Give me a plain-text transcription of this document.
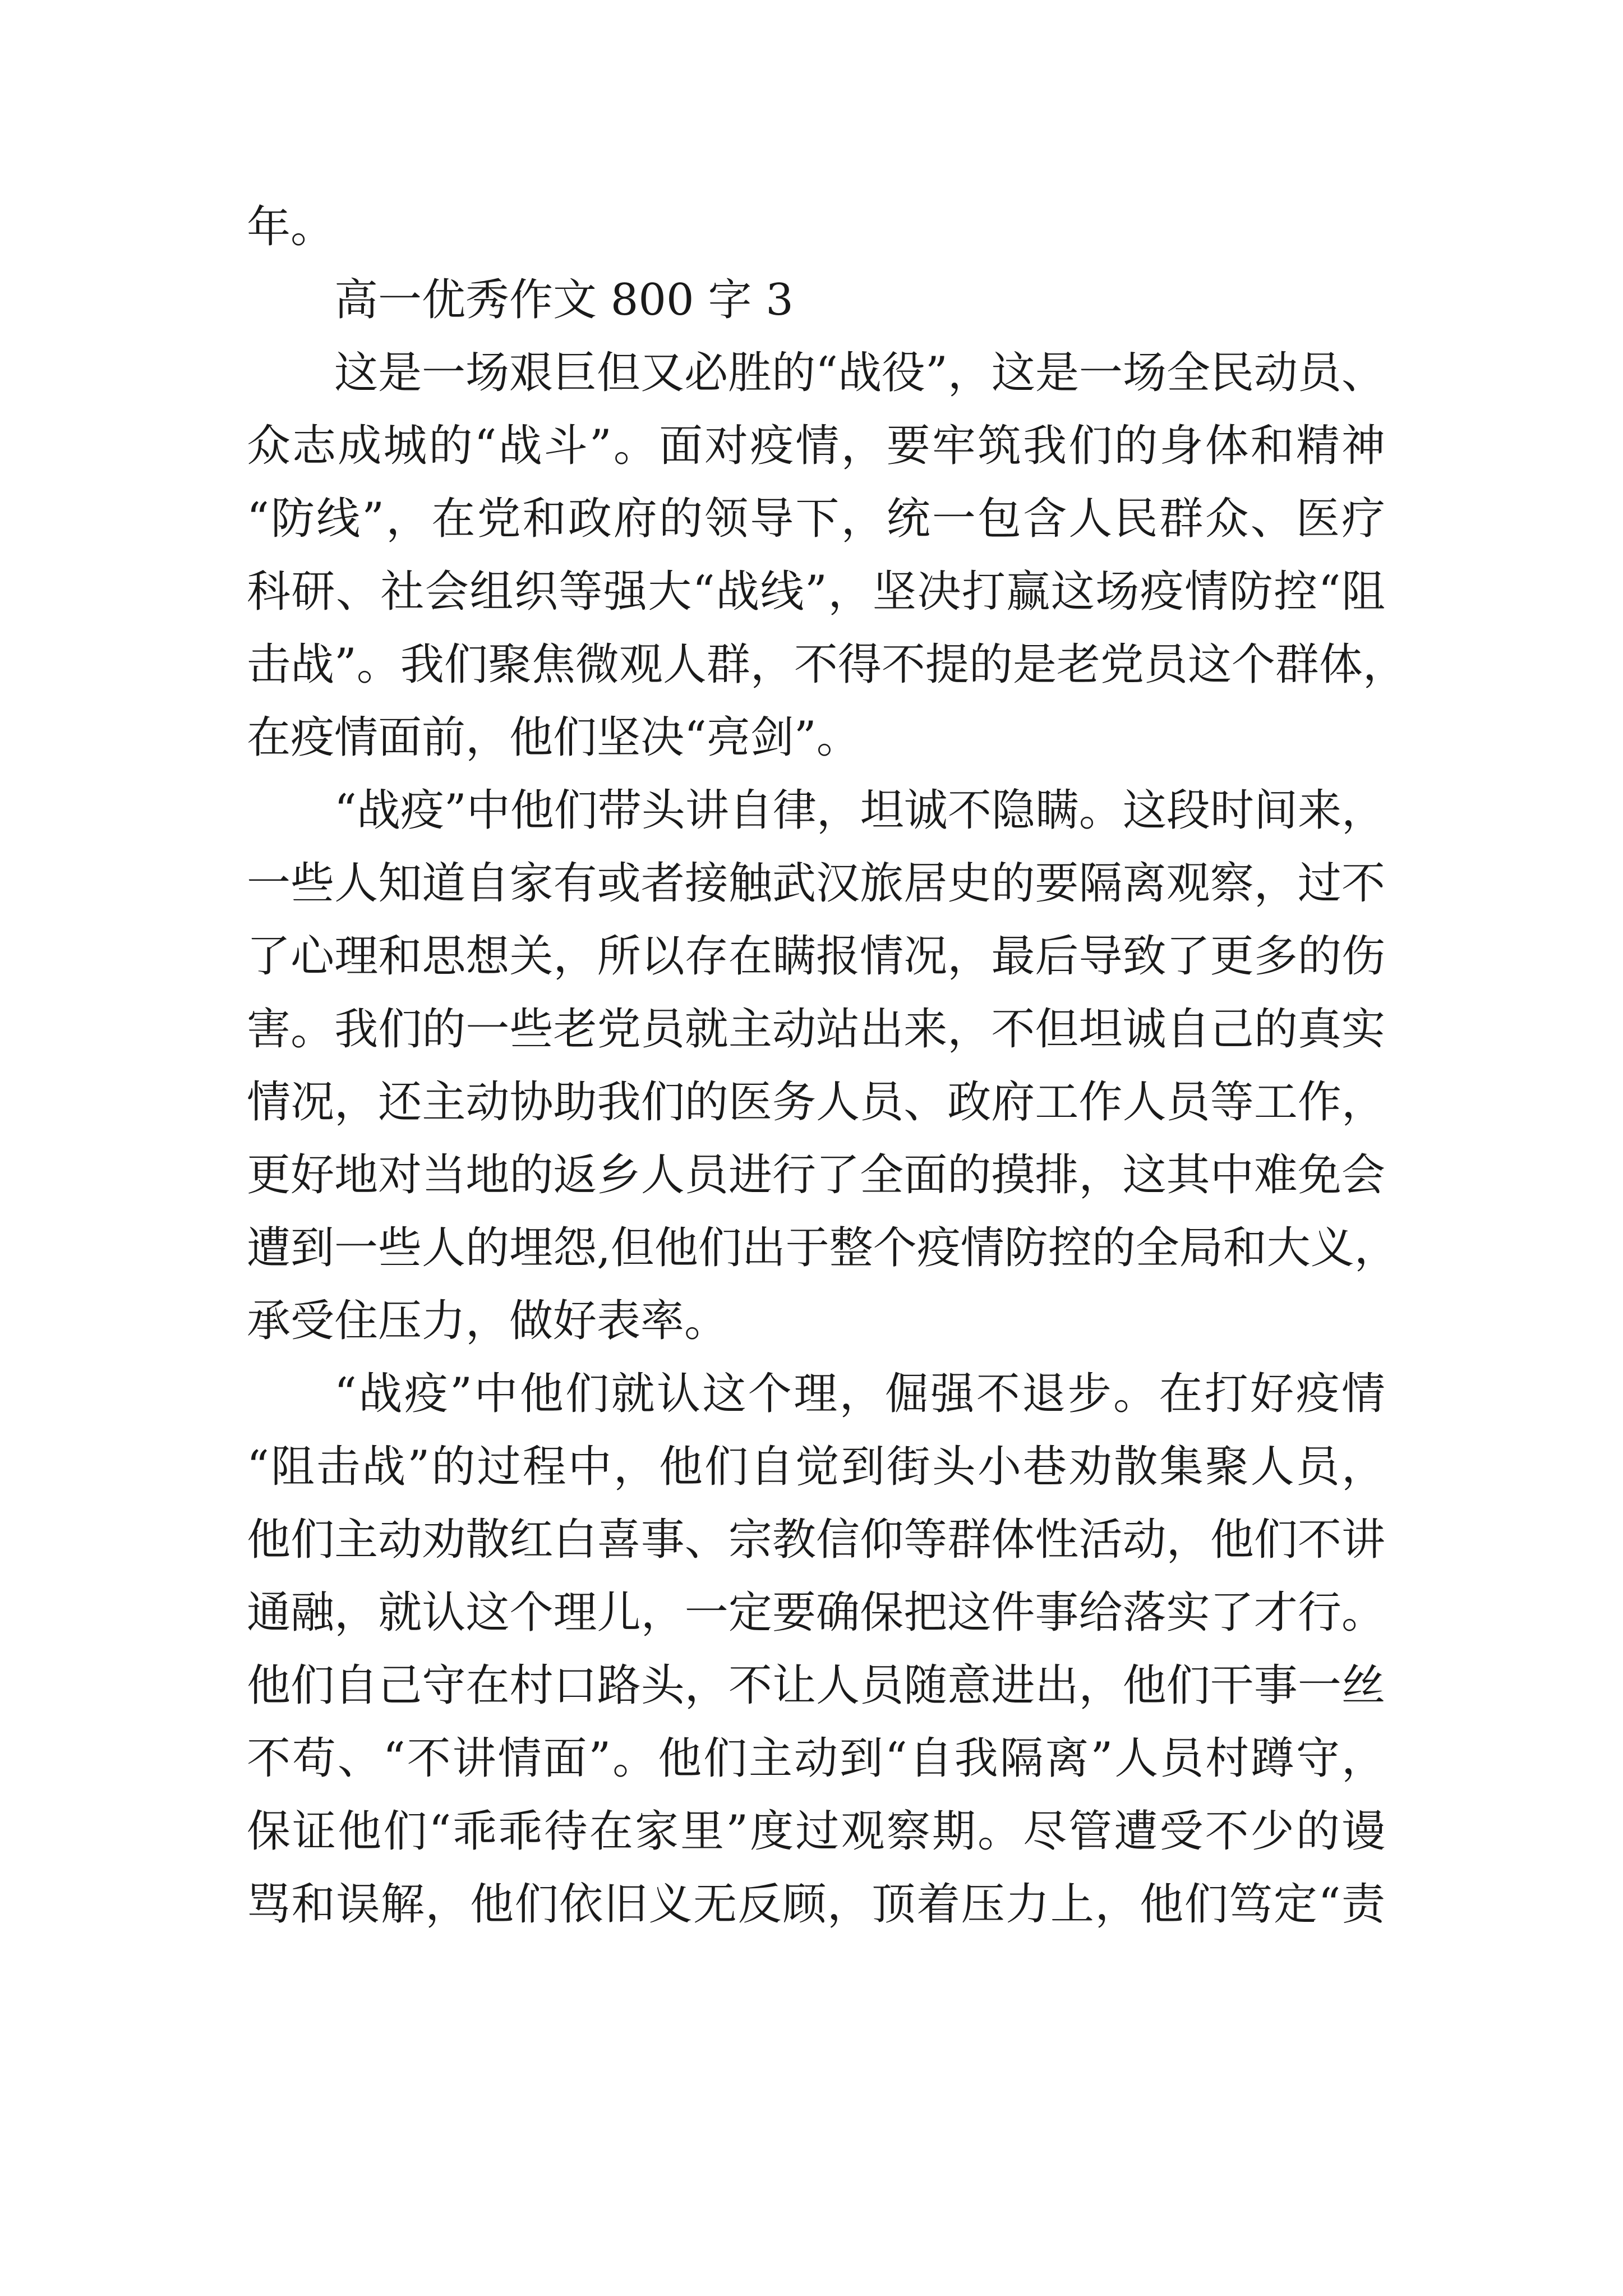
年。
高一优秀作文 800 字 3
这是一场艰巨但又必胜的“战役”，这是一场全民动员、
众志成城的“战斗”。面对疫情，要牢筑我们的身体和精神
“防线”，在党和政府的领导下，统一包含人民群众、医疗
科研、社会组织等强大“战线”，坚决打赢这场疫情防控“阻
击战”。我们聚焦微观人群，不得不提的是老党员这个群体，
在疫情面前，他们坚决“亮剑”。
“战疫”中他们带头讲自律，坦诚不隐瞒。这段时间来，
一些人知道自家有或者接触武汉旅居史的要隔离观察，过不
了心理和思想关，所以存在瞒报情况，最后导致了更多的伤
害。我们的一些老党员就主动站出来，不但坦诚自己的真实
情况，还主动协助我们的医务人员、政府工作人员等工作，
更好地对当地的返乡人员进行了全面的摸排，这其中难免会
遭到一些人的埋怨,但他们出于整个疫情防控的全局和大义，
承受住压力，做好表率。
“战疫”中他们就认这个理，倔强不退步。在打好疫情
“阻击战”的过程中，他们自觉到街头小巷劝散集聚人员，
他们主动劝散红白喜事、宗教信仰等群体性活动，他们不讲
通融，就认这个理儿，一定要确保把这件事给落实了才行。
他们自己守在村口路头，不让人员随意进出，他们干事一丝
不苟、“不讲情面”。他们主动到“自我隔离”人员村蹲守，
保证他们“乖乖待在家里”度过观察期。尽管遭受不少的谩
骂和误解，他们依旧义无反顾，顶着压力上，他们笃定“责
